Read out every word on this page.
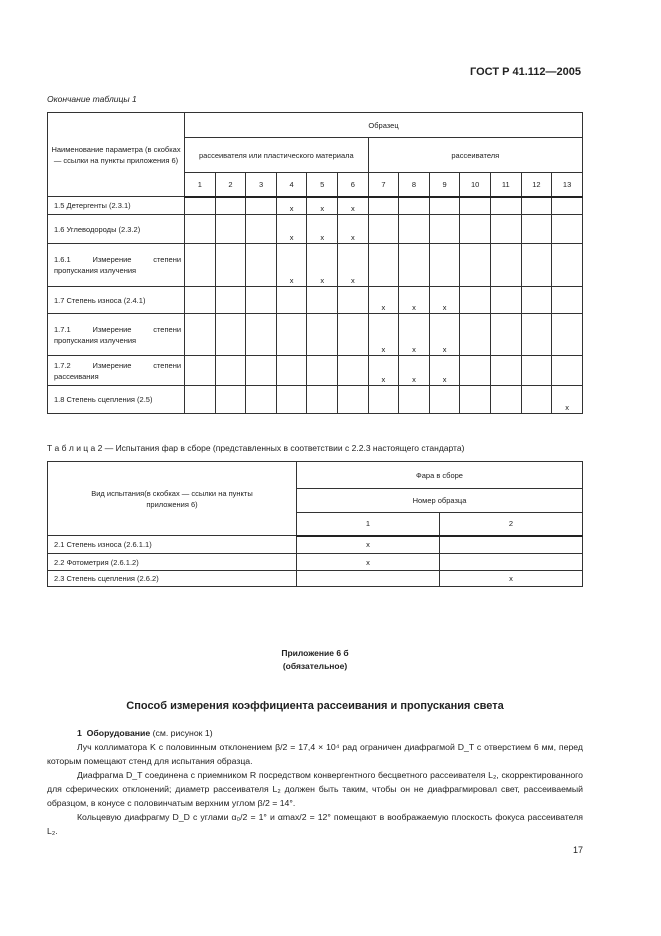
ГОСТ Р 41.112—2005
Окончание таблицы 1
Наименование параметра (в скобках — ссылки на пункты приложения 6)	Образец												
	рассеивателя или пластического материала						рассеивателя						
	1	2	3	4	5	6	7	8	9	10	11	12	13
1.5 Детергенты (2.3.1)				x	x	x							
1.6 Углеводороды (2.3.2)				x	x	x							
1.6.1 Измерение степени пропускания излучения				x	x	x							
1.7 Степень износа (2.4.1)							x	x	x				
1.7.1 Измерение степени пропускания излучения							x	x	x				
1.7.2 Измерение степени рассеивания							x	x	x				
1.8 Степень сцепления (2.5)													x
Т а б л и ц а 2 — Испытания фар в сборе (представленных в соответствии с 2.2.3 настоящего стандарта)
Вид испытания(в скобках — ссылки на пункты приложения 6)	Фара в сборе	
	Номер образца	
	1	2
2.1 Степень износа (2.6.1.1)	x	
2.2 Фотометрия (2.6.1.2)	x	
2.3 Степень сцепления (2.6.2)		x
Приложение 6 б
(обязательное)
Способ измерения коэффициента рассеивания и пропускания света
1 Оборудование (см. рисунок 1)
Луч коллиматора K с половинным отклонением β/2 = 17,4 × 10⁴ рад ограничен диафрагмой D_T с отверстием 6 мм, перед которым помещают стенд для испытания образца.
Диафрагма D_T соединена с приемником R посредством конвергентного бесцветного рассеивателя L₂, скорректированного для сферических отклонений; диаметр рассеивателя L₂ должен быть таким, чтобы он не диафрагмировал свет, рассеиваемый образцом, в конусе с половинчатым верхним углом β/2 = 14°.
Кольцевую диафрагму D_D с углами α₀/2 = 1° и αmax/2 = 12° помещают в воображаемую плоскость фокуса рассеивателя L₂.
17
